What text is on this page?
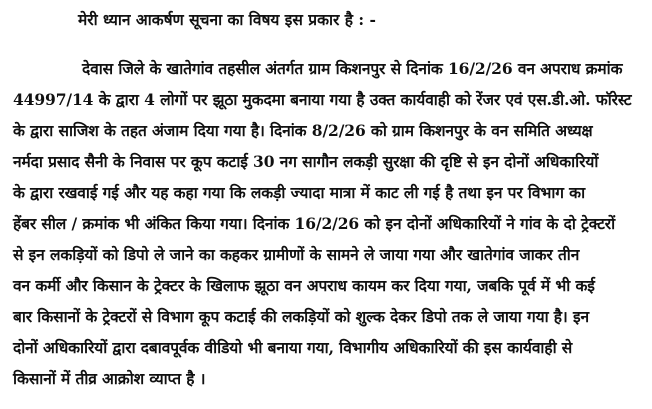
मेरी ध्यान आकर्षण सूचना का विषय इस प्रकार है : -
देवास जिले के खातेगांव तहसील अंतर्गत ग्राम किशनपुर से दिनांक 16/2/26 वन अपराध क्रमांक
44997/14 के द्वारा 4 लोगों पर झूठा मुकदमा बनाया गया है उक्त कार्यवाही को रेंजर एवं एस.डी.ओ. फॉरेस्ट
के द्वारा साजिश के तहत अंजाम दिया गया है। दिनांक 8/2/26 को ग्राम किशनपुर के वन समिति अध्यक्ष
नर्मदा प्रसाद सैनी के निवास पर कूप कटाई 30 नग सागौन लकड़ी सुरक्षा की दृष्टि से इन दोनों अधिकारियों
के द्वारा रखवाई गई और यह कहा गया कि लकड़ी ज्यादा मात्रा में काट ली गई है तथा इन पर विभाग का
हेंबर सील / क्रमांक भी अंकित किया गया। दिनांक 16/2/26 को इन दोनों अधिकारियों ने गांव के दो ट्रेक्टरों
से इन लकड़ियों को डिपो ले जाने का कहकर ग्रामीणों के सामने ले जाया गया और खातेगांव जाकर तीन
वन कर्मी और किसान के ट्रेक्टर के खिलाफ झूठा वन अपराध कायम कर दिया गया, जबकि पूर्व में भी कई
बार किसानों के ट्रेक्टरों से विभाग कूप कटाई की लकड़ियों को शुल्क देकर डिपो तक ले जाया गया है। इन
दोनों अधिकारियों द्वारा दबावपूर्वक वीडियो भी बनाया गया, विभागीय अधिकारियों की इस कार्यवाही से
किसानों में तीव्र आक्रोश व्याप्त है ।
